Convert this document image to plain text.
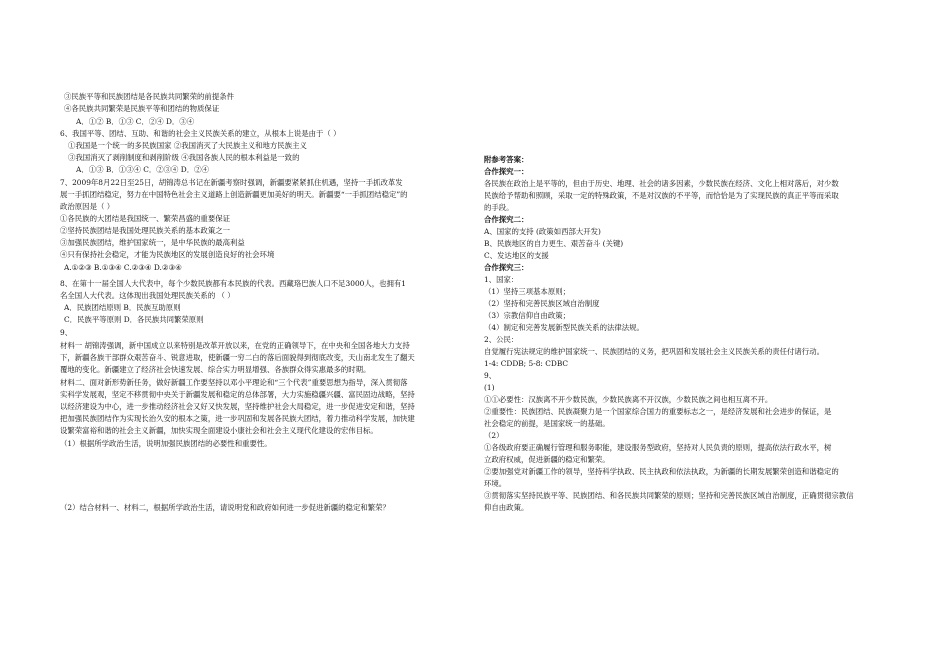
③民族平等和民族团结是各民族共同繁荣的前提条件
④各民族共同繁荣是民族平等和团结的物质保证
A．①② B．①③ C．②④ D．③④
6、我国平等、团结、互助、和谐的社会主义民族关系的建立，从根本上说是由于（ ）
①我国是一个统一的多民族国家 ②我国消灭了大民族主义和地方民族主义
③我国消灭了剥削制度和剥削阶级 ④我国各族人民的根本利益是一致的
A．①③ B．①③④ C．②③④ D．②④
7、2009年8月22日至25日，胡锦涛总书记在新疆考察时强调，新疆要紧紧抓住机遇，坚持一手抓改革发
展一手抓团结稳定，努力在中国特色社会主义道路上创造新疆更加美好的明天。新疆要“一手抓团结稳定”的
政治原因是（ ）
①各民族的大团结是我国统一、繁荣昌盛的重要保证
②坚持民族团结是我国处理民族关系的基本政策之一
③加强民族团结，维护国家统一，是中华民族的最高利益
④只有保持社会稳定，才能为民族地区的发展创造良好的社会环境
A.①②③ B.①③④ C.②③④ D.②③④
8、在第十一届全国人大代表中，每个少数民族都有本民族的代表。西藏珞巴族人口不足3000人，也拥有1
名全国人大代表。这体现出我国处理民族关系的 （ ）
A．民族团结原则 B．民族互助原则
C．民族平等原则 D．各民族共同繁荣原则
9、
材料一 胡锦涛强调，新中国成立以来特别是改革开放以来，在党的正确领导下，在中央和全国各地大力支持
下，新疆各族干部群众艰苦奋斗、锐意进取，使新疆一穷二白的落后面貌得到彻底改变，天山南北发生了翻天
覆地的变化。新疆建立了经济社会快速发展、综合实力明显增强、各族群众得实惠最多的时期。
材料二、面对新形势新任务，做好新疆工作要坚持以邓小平理论和“三个代表”重要思想为指导，深入贯彻落
实科学发展观，坚定不移贯彻中央关于新疆发展和稳定的总体部署，大力实施稳疆兴疆、富民固边战略，坚持
以经济建设为中心，进一步推动经济社会又好又快发展，坚持维护社会大局稳定，进一步促进安定和谐，坚持
把加强民族团结作为实现长治久安的根本之策，进一步巩固和发展各民族大团结，着力推动科学发展，加快建
设繁荣富裕和谐的社会主义新疆，加快实现全面建设小康社会和社会主义现代化建设的宏伟目标。
（1）根据所学政治生活，说明加强民族团结的必要性和重要性。
（2）结合材料一、材料二，根据所学政治生活，请说明党和政府如何进一步促进新疆的稳定和繁荣？
附参考答案：
合作探究一：
各民族在政治上是平等的，但由于历史、地理、社会的诸多因素，少数民族在经济、文化上相对落后，对少数
民族给予帮助和照顾，采取一定的特殊政策，不是对汉族的不平等，而恰恰是为了实现民族的真正平等而采取
的手段。
合作探究二：
A、国家的支持 (政策如西部大开发)
B、民族地区的自力更生、艰苦奋斗 (关键)
C、发达地区的支援
合作探究三：
1、国家：
（1）坚持三项基本原则；
（2）坚持和完善民族区域自治制度
（3）宗教信仰自由政策；
（4）制定和完善发展新型民族关系的法律法规。
2、公民：
自觉履行宪法规定的维护国家统一、民族团结的义务，把巩固和发展社会主义民族关系的责任付诸行动。
1-4: CDDB; 5-8: CDBC
9、
(1)
①①必要性：汉族离不开少数民族，少数民族离不开汉族，少数民族之间也相互离不开。
②重要性：民族团结、民族凝聚力是一个国家综合国力的重要标志之一，是经济发展和社会进步的保证，是
社会稳定的前提，是国家统一的基础。
（2）
①各级政府要正确履行管理和服务职能，建设服务型政府，坚持对人民负责的原则，提高依法行政水平，树
立政府权威，促进新疆的稳定和繁荣。
②要加强党对新疆工作的领导，坚持科学执政、民主执政和依法执政，为新疆的长期发展繁荣创造和谐稳定的
环境。
③贯彻落实坚持民族平等、民族团结、和各民族共同繁荣的原则；坚持和完善民族区域自治制度，正确贯彻宗教信
仰自由政策。
